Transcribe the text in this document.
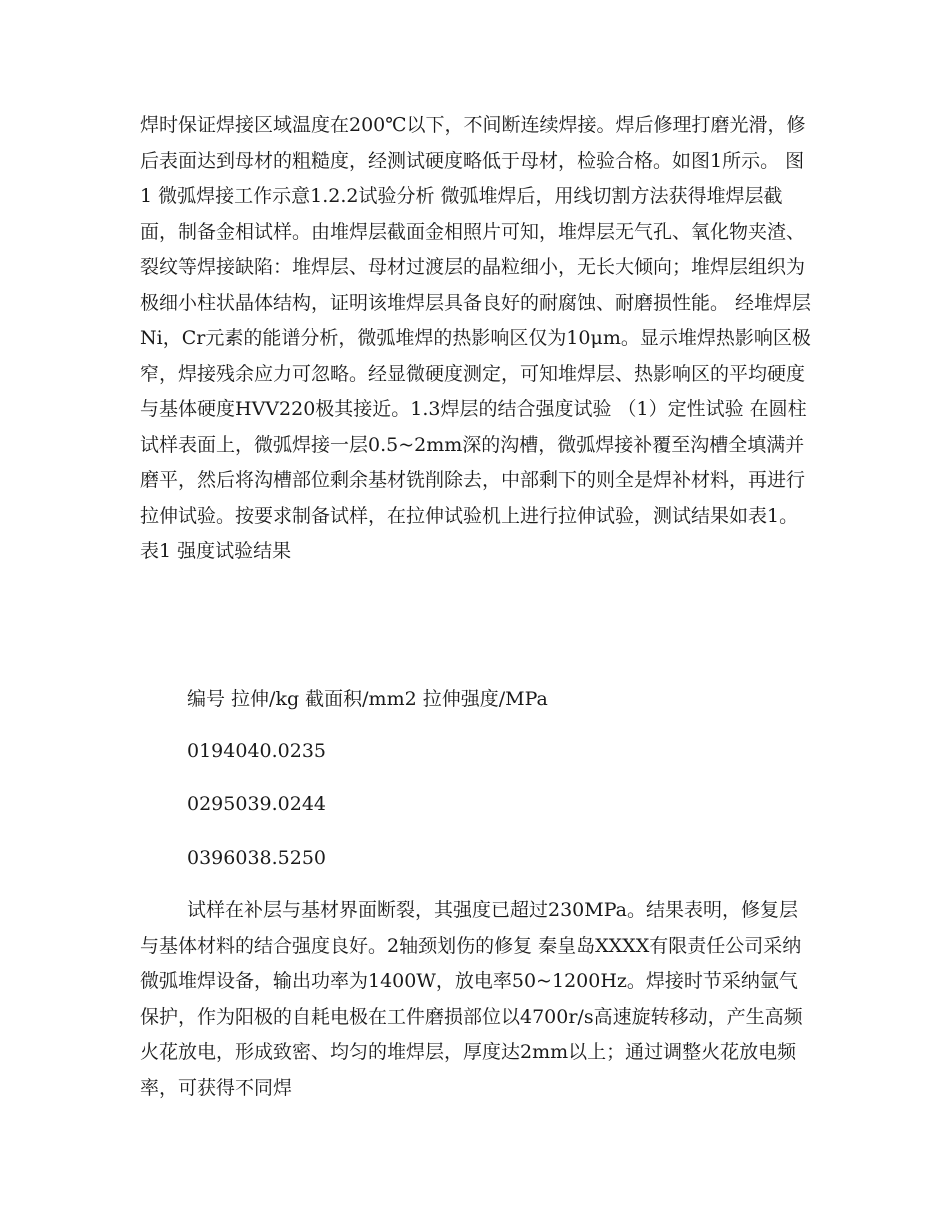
焊时保证焊接区域温度在200℃以下，不间断连续焊接。焊后修理打磨光滑，修后表面达到母材的粗糙度，经测试硬度略低于母材，检验合格。如图1所示。 图1 微弧焊接工作示意1.2.2试验分析 微弧堆焊后，用线切割方法获得堆焊层截面，制备金相试样。由堆焊层截面金相照片可知，堆焊层无气孔、氧化物夹渣、裂纹等焊接缺陷：堆焊层、母材过渡层的晶粒细小，无长大倾向；堆焊层组织为极细小柱状晶体结构，证明该堆焊层具备良好的耐腐蚀、耐磨损性能。 经堆焊层Ni，Cr元素的能谱分析，微弧堆焊的热影响区仅为10μm。显示堆焊热影响区极窄，焊接残余应力可忽略。经显微硬度测定，可知堆焊层、热影响区的平均硬度与基体硬度HVV220极其接近。1.3焊层的结合强度试验 （1）定性试验 在圆柱试样表面上，微弧焊接一层0.5~2mm深的沟槽，微弧焊接补覆至沟槽全填满并磨平，然后将沟槽部位剩余基材铣削除去，中部剩下的则全是焊补材料，再进行拉伸试验。按要求制备试样，在拉伸试验机上进行拉伸试验，测试结果如表1。 表1 强度试验结果

编号 拉伸/kg 截面积/mm2 拉伸强度/MPa

0194040.0235

0295039.0244

0396038.5250

试样在补层与基材界面断裂，其强度已超过230MPa。结果表明，修复层与基体材料的结合强度良好。2轴颈划伤的修复 秦皇岛XXXX有限责任公司采纳微弧堆焊设备，输出功率为1400W，放电率50~1200Hz。焊接时节采纳氩气保护，作为阳极的自耗电极在工件磨损部位以4700r/s高速旋转移动，产生高频火花放电，形成致密、均匀的堆焊层，厚度达2mm以上；通过调整火花放电频率，可获得不同焊
